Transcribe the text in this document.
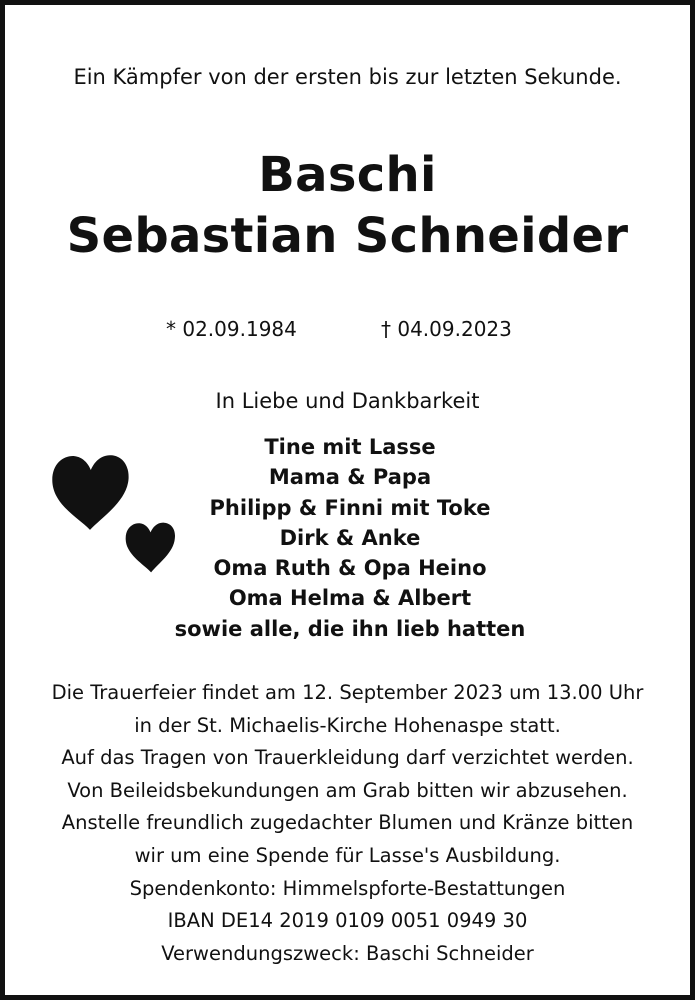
Ein Kämpfer von der ersten bis zur letzten Sekunde.
Baschi
Sebastian Schneider
* 02.09.1984	† 04.09.2023
In Liebe und Dankbarkeit
Tine mit Lasse
Mama & Papa
Philipp & Finni mit Toke
Dirk & Anke
Oma Ruth & Opa Heino
Oma Helma & Albert
sowie alle, die ihn lieb hatten
Die Trauerfeier findet am 12. September 2023 um 13.00 Uhr
in der St. Michaelis-Kirche Hohenaspe statt.
Auf das Tragen von Trauerkleidung darf verzichtet werden.
Von Beileidsbekundungen am Grab bitten wir abzusehen.
Anstelle freundlich zugedachter Blumen und Kränze bitten
wir um eine Spende für Lasse's Ausbildung.
Spendenkonto: Himmelspforte-Bestattungen
IBAN DE14 2019 0109 0051 0949 30
Verwendungszweck: Baschi Schneider
